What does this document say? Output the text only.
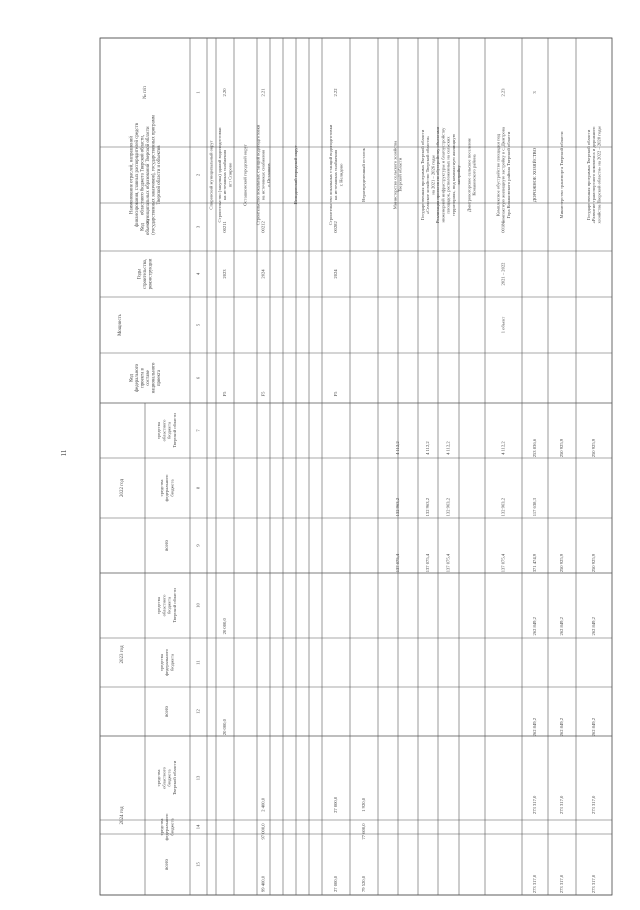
11
№ п/п
Наименование отраслей, направлений финансирования, главных распорядителей средств областного бюджета Тверской области, муниципальных образований Тверской области (государственных заказчиков), государственных программ Тверской области и объектов
Код объекта
Годы строительства, реконструкции
Мощность
Код федерального проекта в составе национального проекта
2022 год
2023 год
2024 год
средства областного бюджета Тверской области
средства областного бюджета Тверской области
средства областного бюджета Тверской области
средства федерального бюджета
средства федерального бюджета
средства федерального бюджета
всего
всего
всего
1
2
3
4
5
6
7
8
9
10
11
12
13
14
15
Спировский муниципальный округ
2.20
Строительство (закупка) зданий водоподготовки на источниках снабжения пгт Спирово
00211
2023
F5
20 000,0
20 000,0
Осташковский городской округ
2.21
Строительство локальных станций водоподготовки на источниках снабжения г. Осташков
00212
2024
F5
2 400,0
97 000,0
99 400,0
Нелидовский городской округ
2.22
Строительство локальных станций водоподготовки на источниках снабжения г. Нелидово
00282
2024
F5
27 000,0
27 000,0
Нераспределенный остаток
1 920,0
77 600,0
79 520,0
Министерство сельского хозяйства Тверской области
4 112,2
132 963,2
137 075,4
Государственная программа Тверской области «Сельское хозяйство Тверской области» на 2021 – 2026 годы
4 112,2
132 963,2
137 075,4
Реализация проектов по обустройству объектами инженерной инфраструктуры и благоустройству площадок, расположенных на сельских территориях, под компактную жилищную застройку
4 112,2
132 963,2
137 075,4
Дмитровогорское сельское поселение Конаковского района
2.23
Комплексное обустройство площадки под компактную жилищную застройку в с. Дмитрова Гора Конаковского района Тверской области
00186
2021 – 2022
1 объект
4 112,2
132 963,2
137 075,4
3
ДОРОЖНОЕ ХОЗЯЙСТВО
253 836,6
117 638,3
371 474,9
262 849,2
262 849,2
273 317,0
273 317,0
Министерство транспорта Тверской области
250 925,9
250 925,9
262 849,2
262 849,2
273 317,0
273 317,0
Государственная программа Тверской области «Развитие транспортного комплекса и дорожного хозяйства Тверской области» на 2022 – 2028 годы
250 925,9
250 925,9
262 849,2
262 849,2
273 317,0
273 317,0
